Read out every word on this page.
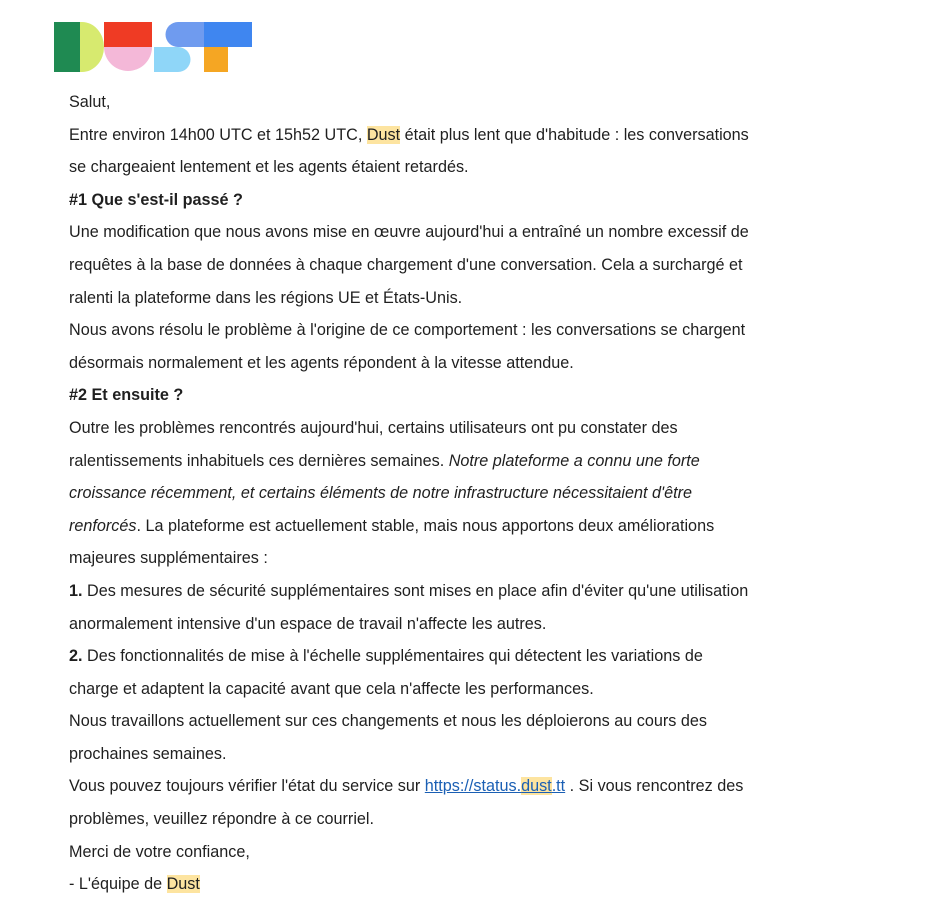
Salut,
Entre environ 14h00 UTC et 15h52 UTC, Dust était plus lent que d'habitude : les conversations
se chargeaient lentement et les agents étaient retardés.
#1 Que s'est-il passé ?
Une modification que nous avons mise en œuvre aujourd'hui a entraîné un nombre excessif de
requêtes à la base de données à chaque chargement d'une conversation. Cela a surchargé et
ralenti la plateforme dans les régions UE et États-Unis.
Nous avons résolu le problème à l'origine de ce comportement : les conversations se chargent
désormais normalement et les agents répondent à la vitesse attendue.
#2 Et ensuite ?
Outre les problèmes rencontrés aujourd'hui, certains utilisateurs ont pu constater des
ralentissements inhabituels ces dernières semaines. Notre plateforme a connu une forte
croissance récemment, et certains éléments de notre infrastructure nécessitaient d'être
renforcés. La plateforme est actuellement stable, mais nous apportons deux améliorations
majeures supplémentaires :
1. Des mesures de sécurité supplémentaires sont mises en place afin d'éviter qu'une utilisation
anormalement intensive d'un espace de travail n'affecte les autres.
2. Des fonctionnalités de mise à l'échelle supplémentaires qui détectent les variations de
charge et adaptent la capacité avant que cela n'affecte les performances.
Nous travaillons actuellement sur ces changements et nous les déploierons au cours des
prochaines semaines.
Vous pouvez toujours vérifier l'état du service sur https://status.dust.tt . Si vous rencontrez des
problèmes, veuillez répondre à ce courriel.
Merci de votre confiance,
- L'équipe de Dust
